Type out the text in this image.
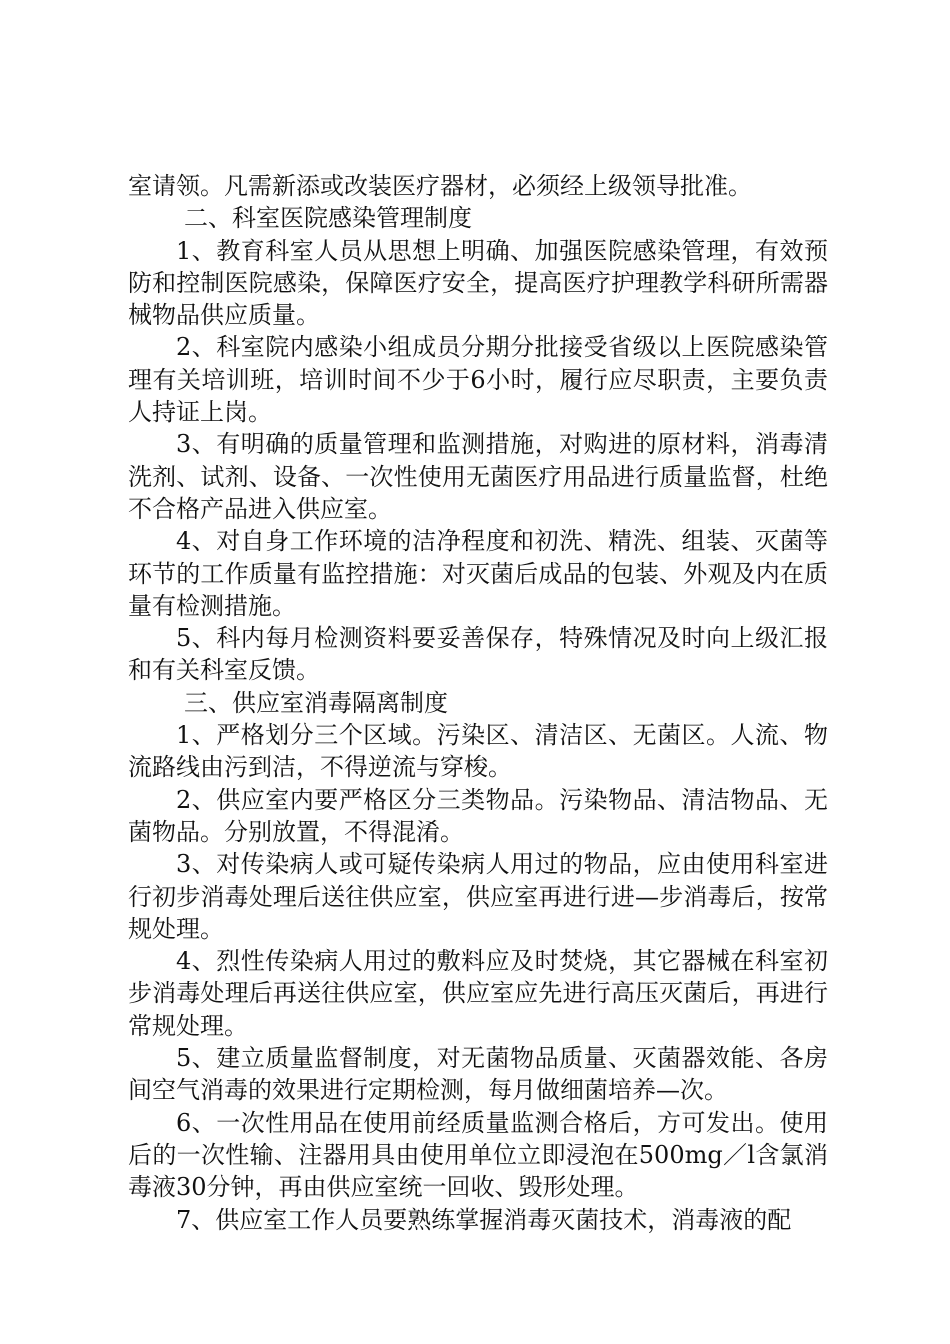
室请领。凡需新添或改装医疗器材，必须经上级领导批准。

二、科室医院感染管理制度

1、教育科室人员从思想上明确、加强医院感染管理，有效预防和控制医院感染，保障医疗安全，提高医疗护理教学科研所需器械物品供应质量。

2、科室院内感染小组成员分期分批接受省级以上医院感染管理有关培训班，培训时间不少于6小时，履行应尽职责，主要负责人持证上岗。

3、有明确的质量管理和监测措施，对购进的原材料，消毒清洗剂、试剂、设备、一次性使用无菌医疗用品进行质量监督，杜绝不合格产品进入供应室。

4、对自身工作环境的洁净程度和初洗、精洗、组装、灭菌等环节的工作质量有监控措施：对灭菌后成品的包装、外观及内在质量有检测措施。

5、科内每月检测资料要妥善保存，特殊情况及时向上级汇报和有关科室反馈。

三、供应室消毒隔离制度

1、严格划分三个区域。污染区、清洁区、无菌区。人流、物流路线由污到洁，不得逆流与穿梭。

2、供应室内要严格区分三类物品。污染物品、清洁物品、无菌物品。分别放置，不得混淆。

3、对传染病人或可疑传染病人用过的物品，应由使用科室进行初步消毒处理后送往供应室，供应室再进行进—步消毒后，按常规处理。

4、烈性传染病人用过的敷料应及时焚烧，其它器械在科室初步消毒处理后再送往供应室，供应室应先进行高压灭菌后，再进行常规处理。

5、建立质量监督制度，对无菌物品质量、灭菌器效能、各房间空气消毒的效果进行定期检测，每月做细菌培养—次。

6、一次性用品在使用前经质量监测合格后，方可发出。使用后的一次性输、注器用具由使用单位立即浸泡在500mg／l含氯消毒液30分钟，再由供应室统一回收、毁形处理。

7、供应室工作人员要熟练掌握消毒灭菌技术，消毒液的配
